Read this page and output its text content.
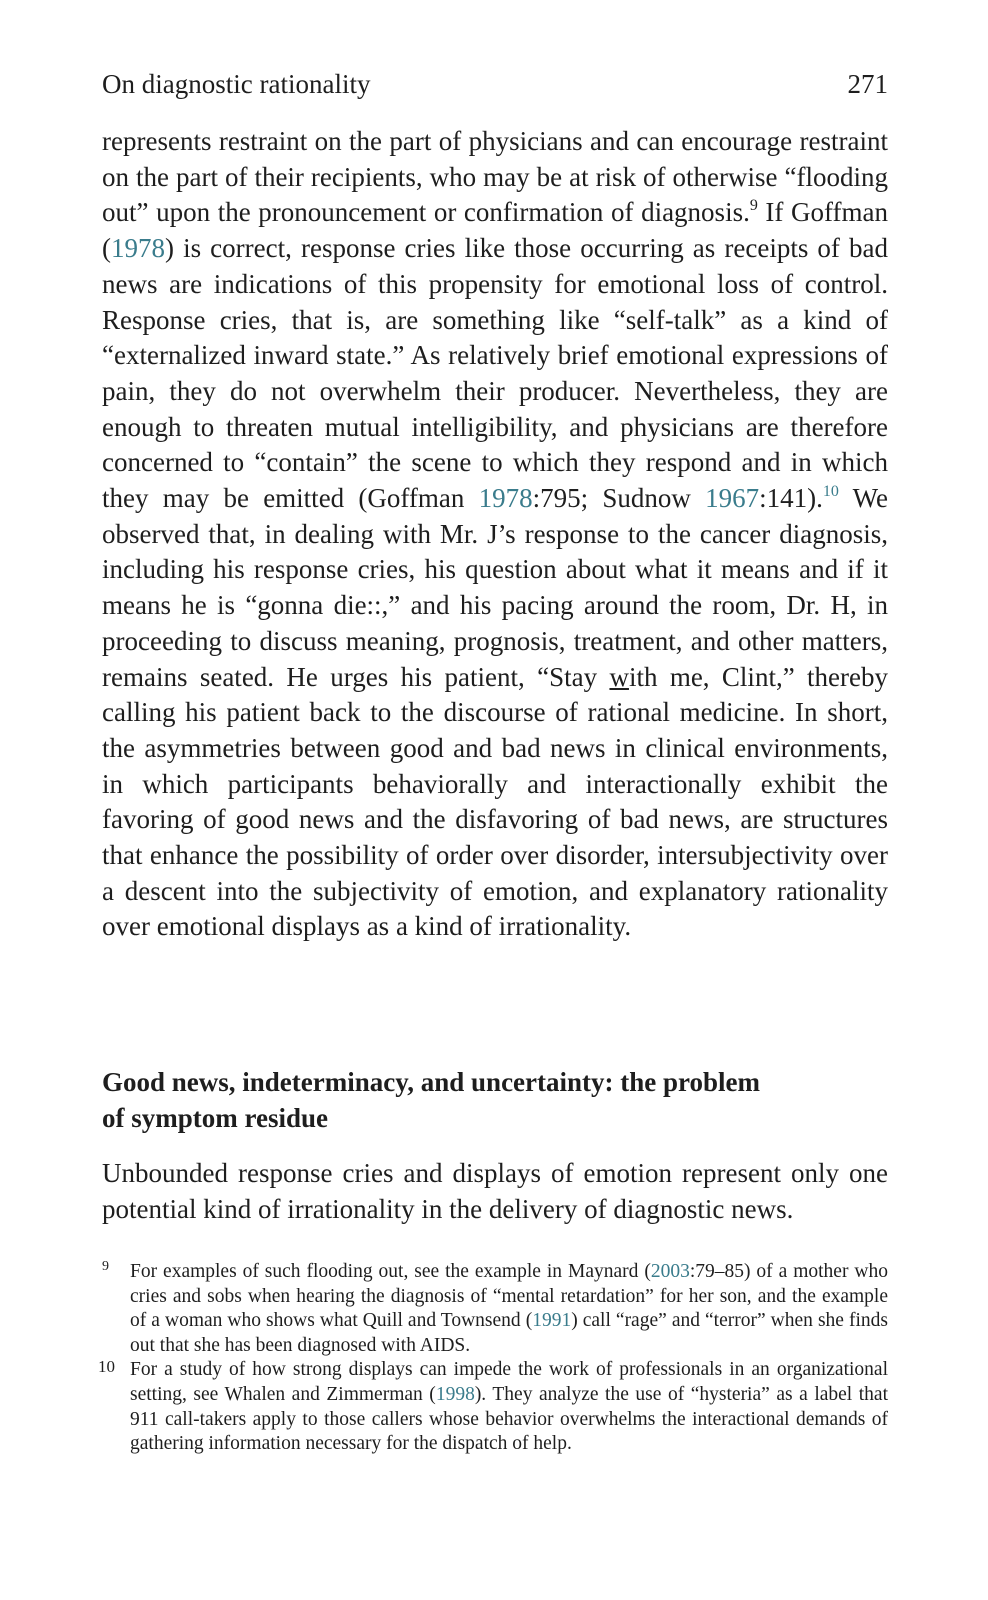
On diagnostic rationality	271

represents restraint on the part of physicians and can encourage restraint on the part of their recipients, who may be at risk of otherwise “flooding out” upon the pronouncement or confirmation of diagnosis.$^9$ If Goffman (1978) is correct, response cries like those occurring as receipts of bad news are indications of this propensity for emotional loss of control. Response cries, that is, are something like “self-talk” as a kind of “externalized inward state.” As relatively brief emotional expressions of pain, they do not overwhelm their producer. Nevertheless, they are enough to threaten mutual intelligibility, and physicians are therefore concerned to “contain” the scene to which they respond and in which they may be emitted (Goffman 1978:795; Sudnow 1967:141).$^{10}$ We observed that, in dealing with Mr. J’s response to the cancer diagnosis, including his response cries, his question about what it means and if it means he is “gonna die::,” and his pacing around the room, Dr. H, in proceeding to discuss meaning, prognosis, treatment, and other matters, remains seated. He urges his patient, “Stay with me, Clint,” thereby calling his patient back to the discourse of rational medicine. In short, the asymmetries between good and bad news in clinical environments, in which participants behaviorally and interactionally exhibit the favoring of good news and the disfavoring of bad news, are structures that enhance the possibility of order over disorder, intersubjectivity over a descent into the subjectivity of emotion, and explanatory rationality over emotional displays as a kind of irrationality.

Good news, indeterminacy, and uncertainty: the problem
of symptom residue

Unbounded response cries and displays of emotion represent only one potential kind of irrationality in the delivery of diagnostic news.

9 For examples of such flooding out, see the example in Maynard (2003:79–85) of a mother who cries and sobs when hearing the diagnosis of “mental retardation” for her son, and the example of a woman who shows what Quill and Townsend (1991) call “rage” and “terror” when she finds out that she has been diagnosed with AIDS.

10 For a study of how strong displays can impede the work of professionals in an organizational setting, see Whalen and Zimmerman (1998). They analyze the use of “hysteria” as a label that 911 call-takers apply to those callers whose behavior overwhelms the interactional demands of gathering information necessary for the dispatch of help.
